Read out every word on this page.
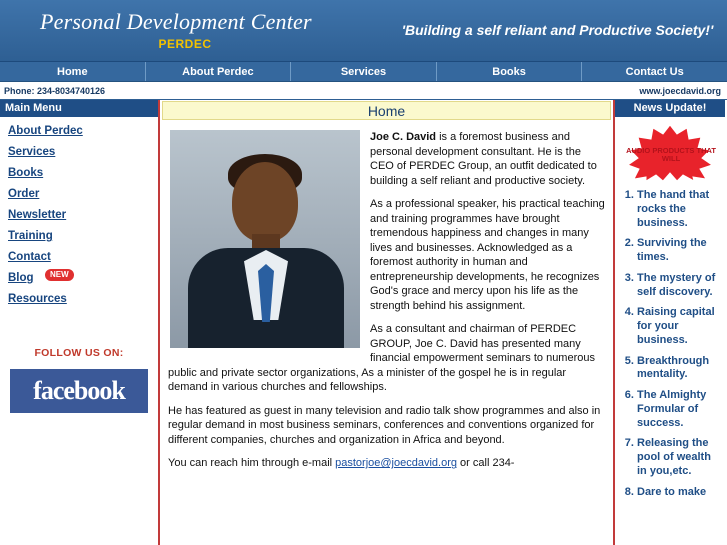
Personal Development Center
PERDEC
'Building a self reliant and Productive Society!'
Home	About Perdec	Services	Books	Contact Us
Phone: 234-8034740126	www.joecdavid.org
Main Menu
About Perdec
Services
Books
Order
Newsletter
Training
Contact
Blog	NEW
Resources
FOLLOW US ON:
facebook
Home

Joe C. David is a foremost business and personal development consultant. He is the CEO of PERDEC Group, an outfit dedicated to building a self reliant and productive society.

As a professional speaker, his practical teaching and training programmes have brought tremendous happiness and changes in many lives and businesses. Acknowledged as a foremost authority in human and entrepreneurship developments, he recognizes God's grace and mercy upon his life as the strength behind his assignment.

As a consultant and chairman of PERDEC GROUP, Joe C. David has presented many financial empowerment seminars to numerous public and private sector organizations, As a minister of the gospel he is in regular demand in various churches and fellowships.

He has featured as guest in many television and radio talk show programmes and also in regular demand in most business seminars, conferences and conventions organized for different companies, churches and organization in Africa and beyond.

You can reach him through e-mail pastorjoe@joecdavid.org or call 234-

News Update!
AUDIO PRODUCTS THAT WILL
1. The hand that rocks the business.
2. Surviving the times.
3. The mystery of self discovery.
4. Raising capital for your business.
5. Breakthrough mentality.
6. The Almighty Formular of success.
7. Releasing the pool of wealth in you,etc.
8. Dare to make
